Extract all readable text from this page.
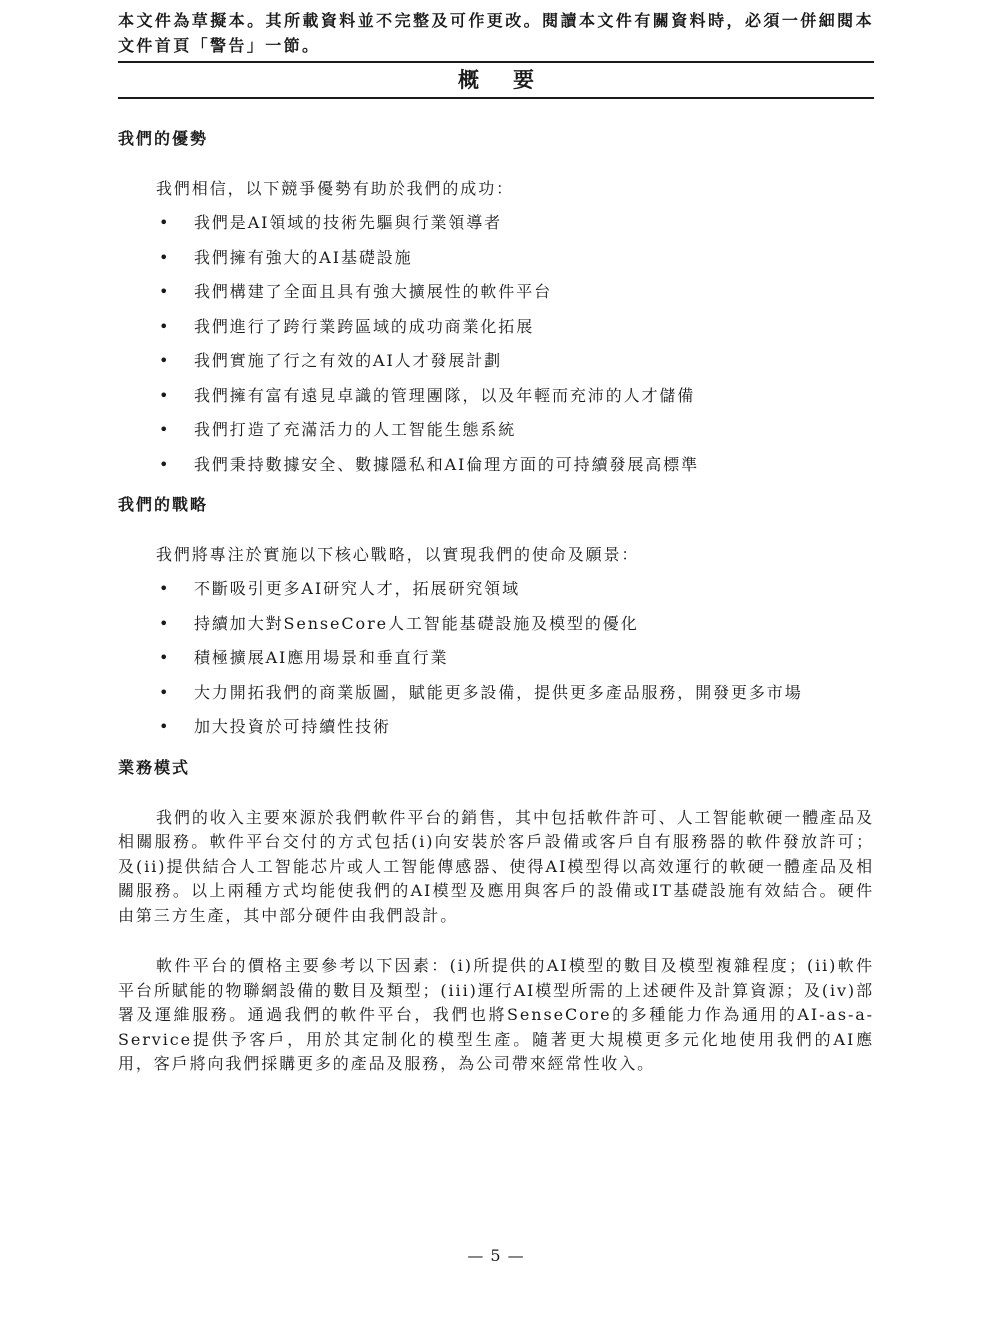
本文件為草擬本。其所載資料並不完整及可作更改。閱讀本文件有關資料時，必須一併細閱本文件首頁「警告」一節。
概要
我們的優勢
我們相信，以下競爭優勢有助於我們的成功：
• 我們是AI領域的技術先驅與行業領導者
• 我們擁有強大的AI基礎設施
• 我們構建了全面且具有強大擴展性的軟件平台
• 我們進行了跨行業跨區域的成功商業化拓展
• 我們實施了行之有效的AI人才發展計劃
• 我們擁有富有遠見卓識的管理團隊，以及年輕而充沛的人才儲備
• 我們打造了充滿活力的人工智能生態系統
• 我們秉持數據安全、數據隱私和AI倫理方面的可持續發展高標準
我們的戰略
我們將專注於實施以下核心戰略，以實現我們的使命及願景：
• 不斷吸引更多AI研究人才，拓展研究領域
• 持續加大對SenseCore人工智能基礎設施及模型的優化
• 積極擴展AI應用場景和垂直行業
• 大力開拓我們的商業版圖，賦能更多設備，提供更多產品服務，開發更多市場
• 加大投資於可持續性技術
業務模式

我們的收入主要來源於我們軟件平台的銷售，其中包括軟件許可、人工智能軟硬一體產品及相關服務。軟件平台交付的方式包括(i)向安裝於客戶設備或客戶自有服務器的軟件發放許可；及(ii)提供結合人工智能芯片或人工智能傳感器、使得AI模型得以高效運行的軟硬一體產品及相關服務。以上兩種方式均能使我們的AI模型及應用與客戶的設備或IT基礎設施有效結合。硬件由第三方生產，其中部分硬件由我們設計。

軟件平台的價格主要參考以下因素：(i)所提供的AI模型的數目及模型複雜程度；(ii)軟件平台所賦能的物聯網設備的數目及類型；(iii)運行AI模型所需的上述硬件及計算資源；及(iv)部署及運維服務。通過我們的軟件平台，我們也將SenseCore的多種能力作為通用的AI-as-a-Service提供予客戶，用於其定制化的模型生產。隨著更大規模更多元化地使用我們的AI應用，客戶將向我們採購更多的產品及服務，為公司帶來經常性收入。

— 5 —
